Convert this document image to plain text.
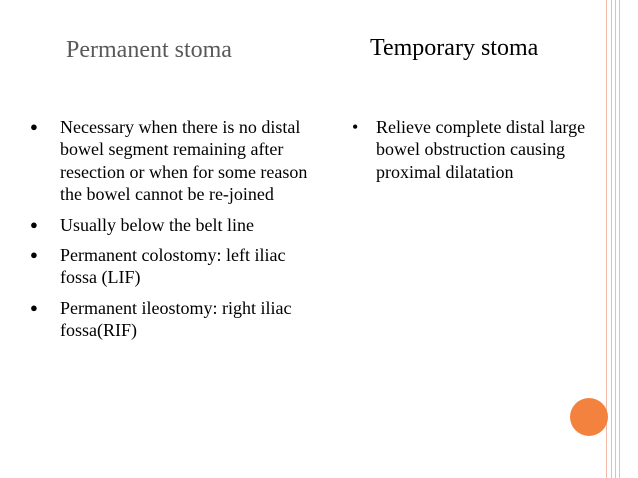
Permanent stoma
● Necessary when there is no distal bowel segment remaining after resection or when for some reason the bowel cannot be re-joined
● Usually below the belt line
● Permanent colostomy: left iliac fossa (LIF)
● Permanent ileostomy: right iliac fossa(RIF)
Temporary stoma
• Relieve complete distal large bowel obstruction causing proximal dilatation
